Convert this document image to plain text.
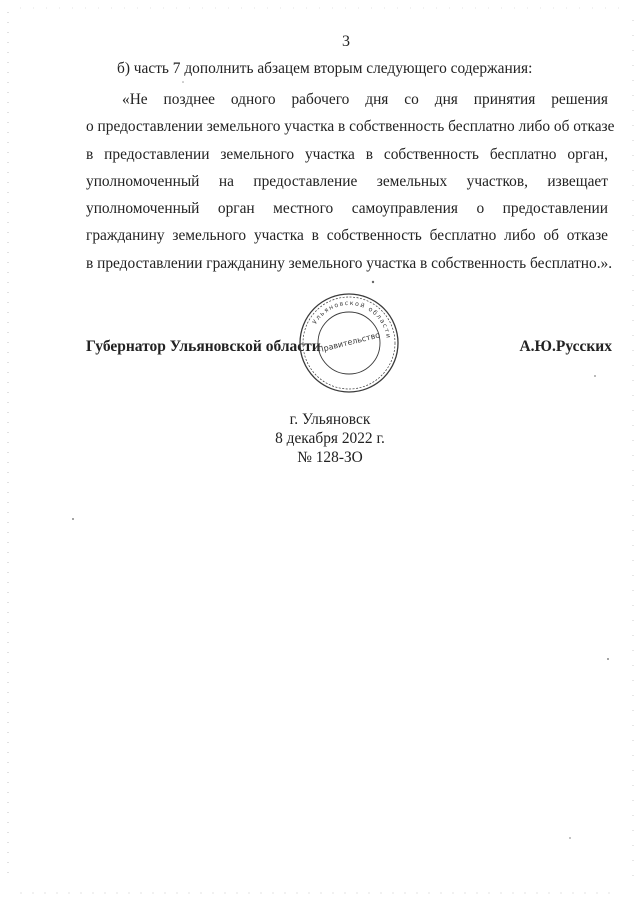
3
б) часть 7 дополнить абзацем вторым следующего содержания:
«Не позднее одного рабочего дня со дня принятия решения
о предоставлении земельного участка в собственность бесплатно либо об отказе
в предоставлении земельного участка в собственность бесплатно орган,
уполномоченный на предоставление земельных участков, извещает
уполномоченный орган местного самоуправления о предоставлении
гражданину земельного участка в собственность бесплатно либо об отказе
в предоставлении гражданину земельного участка в собственность бесплатно.».
Губернатор Ульяновской области	А.Ю.Русских
Ульяновской области
Правительство
г. Ульяновск
8 декабря 2022 г.
№ 128-ЗО
